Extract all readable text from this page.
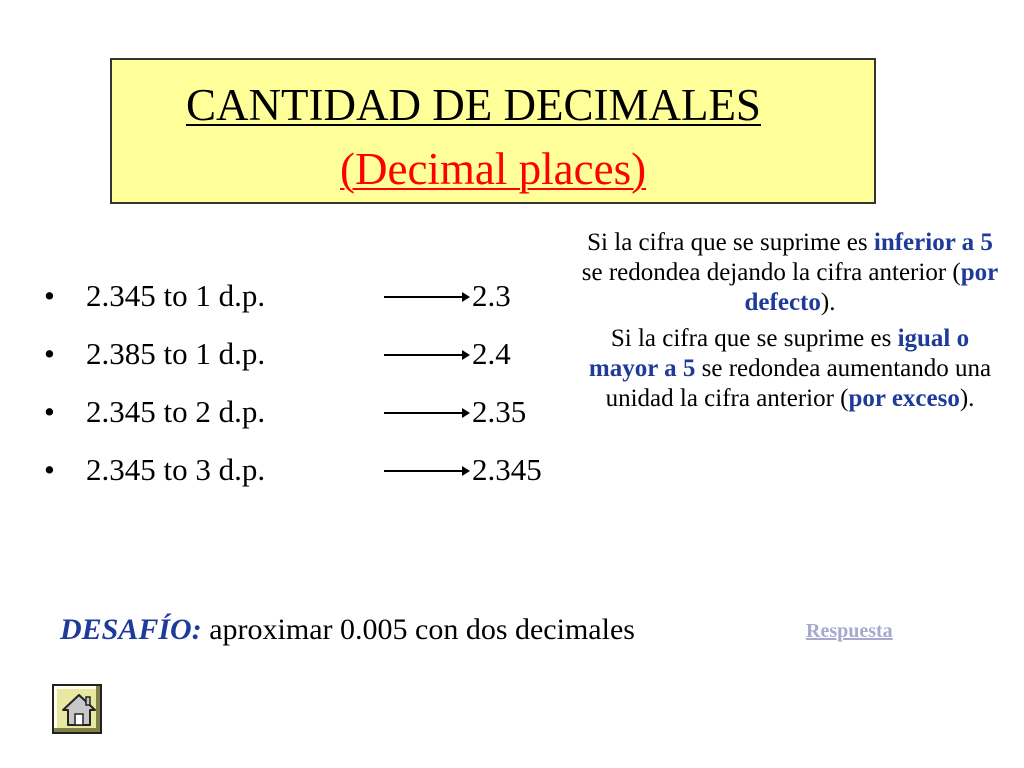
CANTIDAD DE DECIMALES
(Decimal places)
• 2.345 to 1 d.p.	2.3
• 2.385 to 1 d.p.	2.4
• 2.345 to 2 d.p.	2.35
• 2.345 to 3 d.p.	2.345

Si la cifra que se suprime es inferior a 5 se redondea dejando la cifra anterior (por defecto).

Si la cifra que se suprime es igual o mayor a 5 se redondea aumentando una unidad la cifra anterior (por exceso).

DESAFÍO: aproximar 0.005 con dos decimales	Respuesta
